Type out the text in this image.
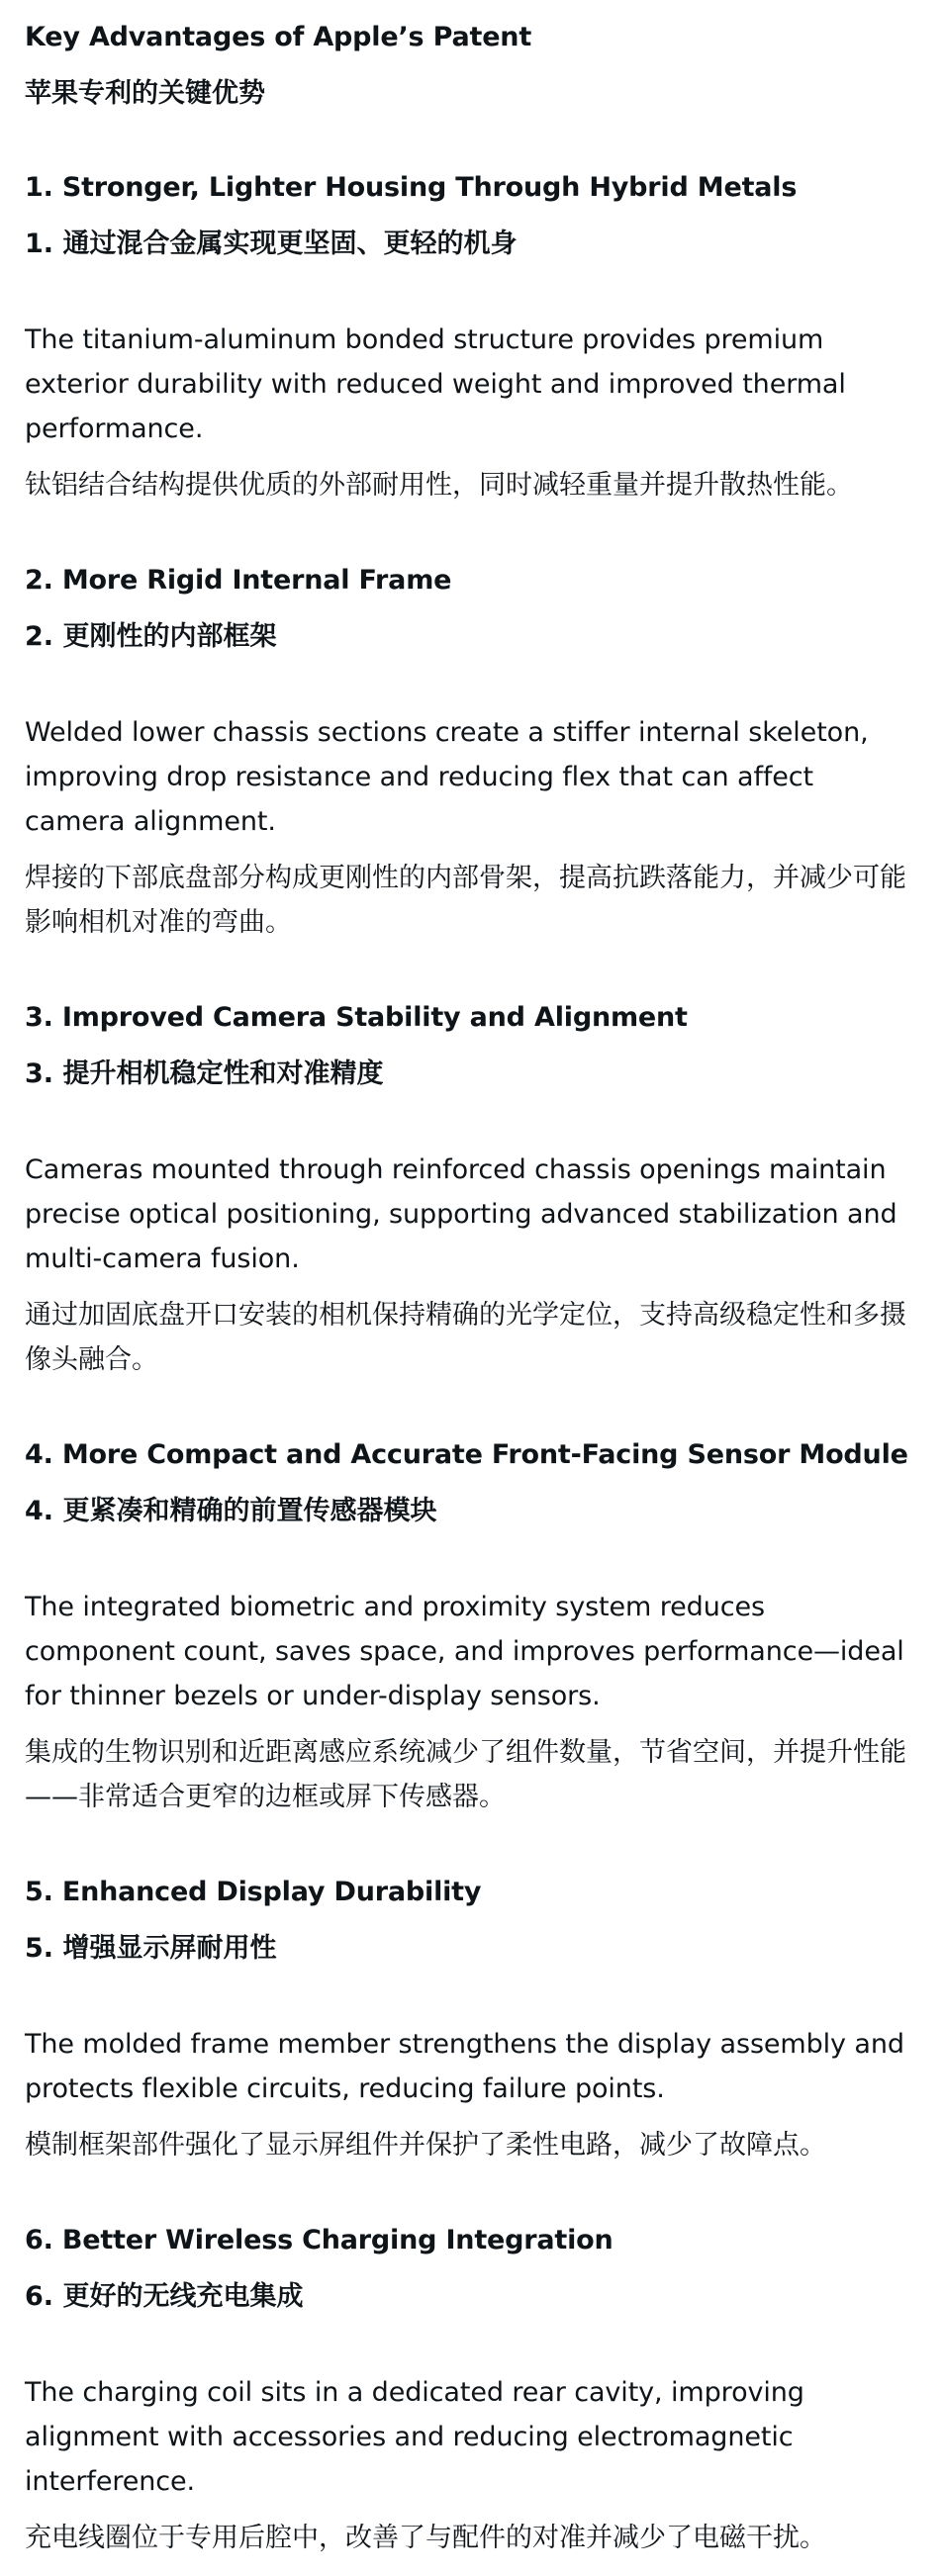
Key Advantages of Apple’s Patent
苹果专利的关键优势
1. Stronger, Lighter Housing Through Hybrid Metals
1. 通过混合金属实现更坚固、更轻的机身
The titanium-aluminum bonded structure provides premium exterior durability with reduced weight and improved thermal performance.
钛铝结合结构提供优质的外部耐用性，同时减轻重量并提升散热性能。
2. More Rigid Internal Frame
2. 更刚性的内部框架
Welded lower chassis sections create a stiffer internal skeleton, improving drop resistance and reducing flex that can affect camera alignment.
焊接的下部底盘部分构成更刚性的内部骨架，提高抗跌落能力，并减少可能影响相机对准的弯曲。
3. Improved Camera Stability and Alignment
3. 提升相机稳定性和对准精度
Cameras mounted through reinforced chassis openings maintain precise optical positioning, supporting advanced stabilization and multi-camera fusion.
通过加固底盘开口安装的相机保持精确的光学定位，支持高级稳定性和多摄像头融合。
4. More Compact and Accurate Front-Facing Sensor Module
4. 更紧凑和精确的前置传感器模块
The integrated biometric and proximity system reduces component count, saves space, and improves performance—ideal for thinner bezels or under-display sensors.
集成的生物识别和近距离感应系统减少了组件数量，节省空间，并提升性能——非常适合更窄的边框或屏下传感器。
5. Enhanced Display Durability
5. 增强显示屏耐用性
The molded frame member strengthens the display assembly and protects flexible circuits, reducing failure points.
模制框架部件强化了显示屏组件并保护了柔性电路，减少了故障点。
6. Better Wireless Charging Integration
6. 更好的无线充电集成
The charging coil sits in a dedicated rear cavity, improving alignment with accessories and reducing electromagnetic interference.
充电线圈位于专用后腔中，改善了与配件的对准并减少了电磁干扰。
